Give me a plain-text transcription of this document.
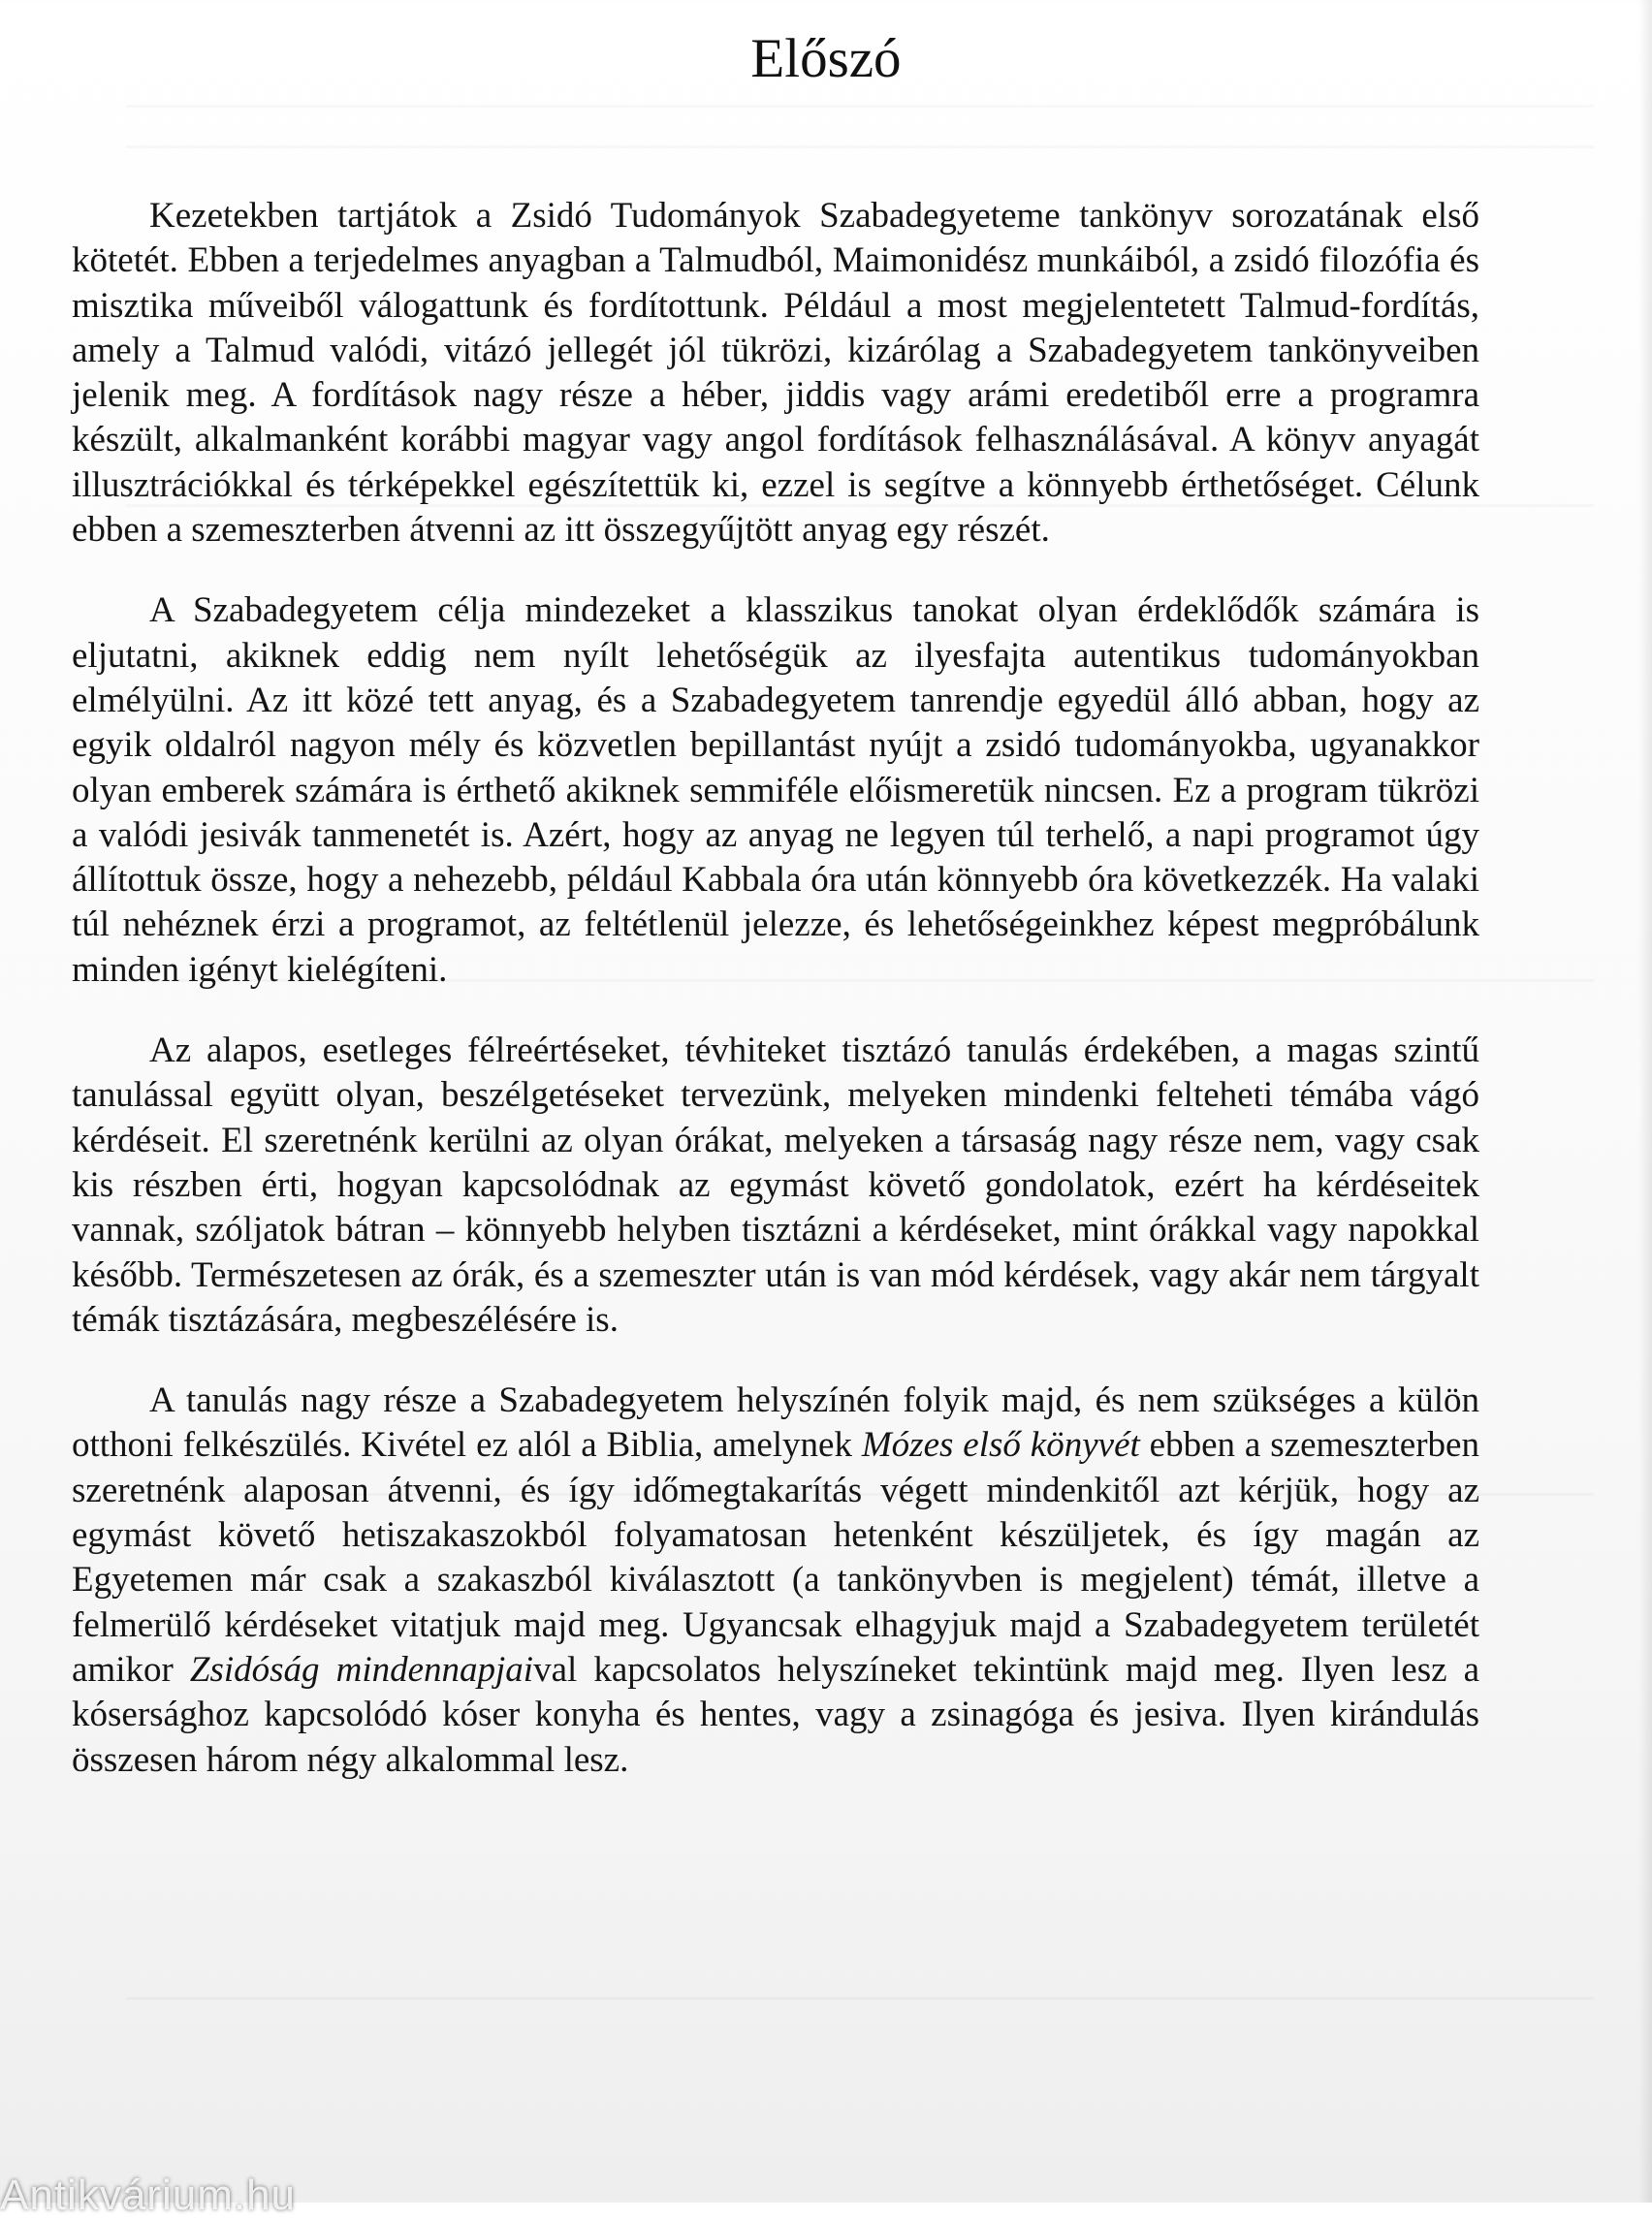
Előszó

Kezetekben tartjátok a Zsidó Tudományok Szabadegyeteme tankönyv sorozatának első kötetét. Ebben a terjedelmes anyagban a Talmudból, Maimonidész munkáiból, a zsidó filozófia és misztika műveiből válogattunk és fordítottunk. Például a most megjelentetett Talmud-fordítás, amely a Talmud valódi, vitázó jellegét jól tükrözi, kizárólag a Szabadegyetem tankönyveiben jelenik meg. A fordítások nagy része a héber, jiddis vagy arámi eredetiből erre a programra készült, alkalmanként korábbi magyar vagy angol fordítások felhasználásával. A könyv anyagát illusztrációkkal és térképekkel egészítettük ki, ezzel is segítve a könnyebb érthetőséget. Célunk ebben a szemeszterben átvenni az itt összegyűjtött anyag egy részét.

A Szabadegyetem célja mindezeket a klasszikus tanokat olyan érdeklődők számára is eljutatni, akiknek eddig nem nyílt lehetőségük az ilyesfajta autentikus tudományokban elmélyülni. Az itt közé tett anyag, és a Szabadegyetem tanrendje egyedül álló abban, hogy az egyik oldalról nagyon mély és közvetlen bepillantást nyújt a zsidó tudományokba, ugyanakkor olyan emberek számára is érthető akiknek semmiféle előismeretük nincsen. Ez a program tükrözi a valódi jesivák tanmenetét is. Azért, hogy az anyag ne legyen túl terhelő, a napi programot úgy állítottuk össze, hogy a nehezebb, például Kabbala óra után könnyebb óra következzék. Ha valaki túl nehéznek érzi a programot, az feltétlenül jelezze, és lehetőségeinkhez képest megpróbálunk minden igényt kielégíteni.

Az alapos, esetleges félreértéseket, tévhiteket tisztázó tanulás érdekében, a magas szintű tanulással együtt olyan, beszélgetéseket tervezünk, melyeken mindenki felteheti témába vágó kérdéseit. El szeretnénk kerülni az olyan órákat, melyeken a társaság nagy része nem, vagy csak kis részben érti, hogyan kapcsolódnak az egymást követő gondolatok, ezért ha kérdéseitek vannak, szóljatok bátran – könnyebb helyben tisztázni a kérdéseket, mint órákkal vagy napokkal később. Természetesen az órák, és a szemeszter után is van mód kérdések, vagy akár nem tárgyalt témák tisztázására, megbeszélésére is.

A tanulás nagy része a Szabadegyetem helyszínén folyik majd, és nem szükséges a külön otthoni felkészülés. Kivétel ez alól a Biblia, amelynek Mózes első könyvét ebben a szemeszterben szeretnénk alaposan átvenni, és így időmegtakarítás végett mindenkitől azt kérjük, hogy az egymást követő hetiszakaszokból folyamatosan hetenként készüljetek, és így magán az Egyetemen már csak a szakaszból kiválasztott (a tankönyvben is megjelent) témát, illetve a felmerülő kérdéseket vitatjuk majd meg. Ugyancsak elhagyjuk majd a Szabadegyetem területét amikor Zsidóság mindennapjaival kapcsolatos helyszíneket tekintünk majd meg. Ilyen lesz a kósersághoz kapcsolódó kóser konyha és hentes, vagy a zsinagóga és jesiva. Ilyen kirándulás összesen három négy alkalommal lesz.

Antikvárium.hu
